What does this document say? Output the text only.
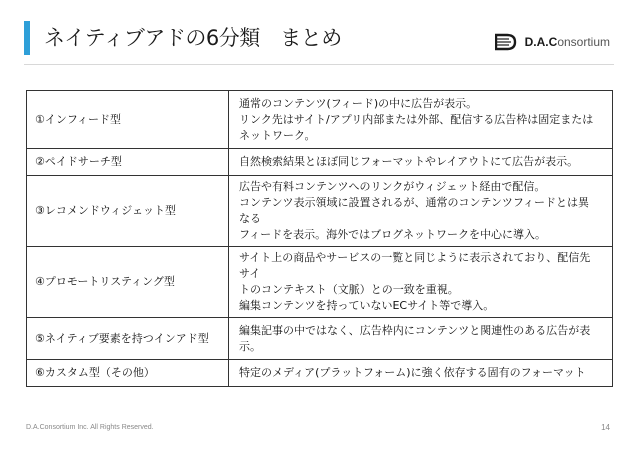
ネイティブアドの6分類　まとめ	D.A.Consortium
①インフィード型	通常のコンテンツ(フィード)の中に広告が表示。
リンク先はサイト/アプリ内部または外部、配信する広告枠は固定または
ネットワーク。

②ペイドサーチ型	自然検索結果とほぼ同じフォーマットやレイアウトにて広告が表示。

③レコメンドウィジェット型	広告や有料コンテンツへのリンクがウィジェット経由で配信。
コンテンツ表示領域に設置されるが、通常のコンテンツフィードとは異なる
フィードを表示。海外ではブログネットワークを中心に導入。

④プロモートリスティング型	サイト上の商品やサービスの一覧と同じように表示されており、配信先サイ
トのコンテキスト（文脈）との一致を重視。
編集コンテンツを持っていないECサイト等で導入。

⑤ネイティブ要素を持つインアド型	編集記事の中ではなく、広告枠内にコンテンツと関連性のある広告が表
示。

⑥カスタム型（その他）	特定のメディア(プラットフォーム)に強く依存する固有のフォーマット
D.A.Consortium Inc. All Rights Reserved.	14
